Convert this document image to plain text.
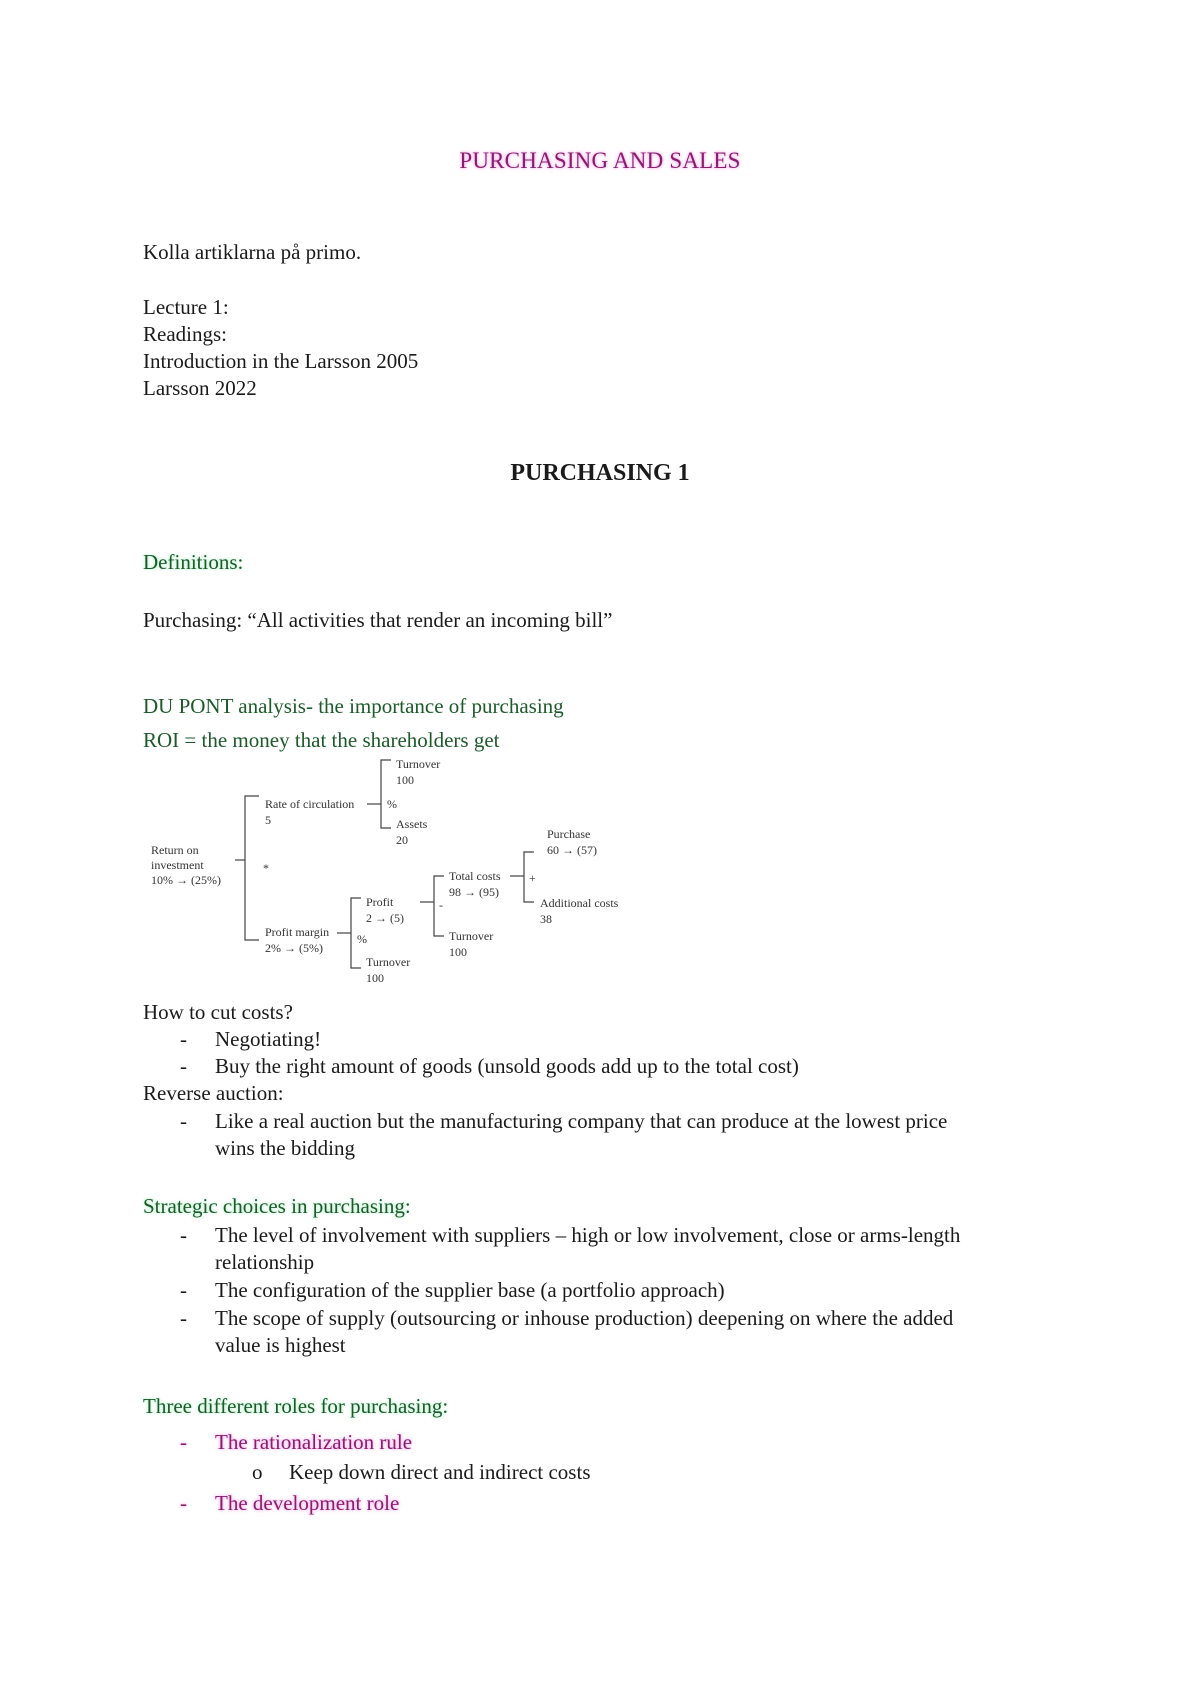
PURCHASING AND SALES
Kolla artiklarna på primo.
Lecture 1:
Readings:
Introduction in the Larsson 2005
Larsson 2022
PURCHASING 1
Definitions:
Purchasing: “All activities that render an incoming bill”
DU PONT analysis- the importance of purchasing
ROI = the money that the shareholders get
Return on
investment
10% → (25%)
*
Rate of circulation
5
Turnover
100
%
Assets
20
Profit margin
2% → (5%)
Profit
2 → (5)
%
Turnover
100
-
Total costs
98 → (95)
Turnover
100
+
Purchase
60 → (57)
Additional costs
38
How to cut costs?
- Negotiating!
- Buy the right amount of goods (unsold goods add up to the total cost)
Reverse auction:
- Like a real auction but the manufacturing company that can produce at the lowest price
wins the bidding
Strategic choices in purchasing:
- The level of involvement with suppliers – high or low involvement, close or arms-length
relationship
- The configuration of the supplier base (a portfolio approach)
- The scope of supply (outsourcing or inhouse production) deepening on where the added
value is highest
Three different roles for purchasing:
- The rationalization rule
o Keep down direct and indirect costs
- The development role
